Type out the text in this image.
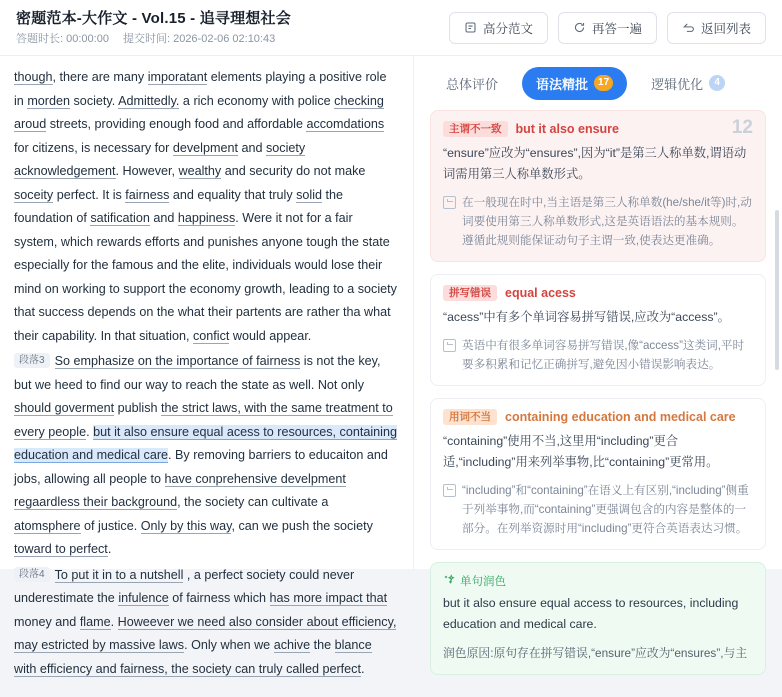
密题范本-大作文 - Vol.15 - 追寻理想社会
答题时长: 00:00:00 提交时间: 2026-02-06 02:10:43
高分范文	再答一遍	返回列表
though, there are many imporatant elements playing a positive role in morden society. Admittedly. a rich economy with police checking aroud streets, providing enough food and affordable accomdations for citizens, is necessary for develpment and society acknowledgement. However, wealthy and security do not make soceity perfect. It is fairness and equality that truly solid the foundation of satification and happiness. Were it not for a fair system, which rewards efforts and punishes anyone tough the state especially for the famous and the elite, individuals would lose their mind on working to support the economy growth, leading to a society that success depends on the what their partents are rather tha what their capability. In that situation, confict would appear.
段落3 So emphasize on the importance of fairness is not the key, but we heed to find our way to reach the state as well. Not only should goverment publish the strict laws, with the same treatment to every people. but it also ensure equal acess to resources, containing education and medical care. By removing barriers to educaiton and jobs, allowing all people to have conprehensive develpment regaardless their background, the society can cultivate a atomsphere of justice. Only by this way, can we push the society toward to perfect.
段落4 To put it in to a nutshell , a perfect society could never underestimate the infulence of fairness which has more impact that money and flame. Howeever we need also consider about efficiency, may estricted by massive laws. Only when we achive the blance with efficiency and fairness, the society can truly called perfect.
总体评价	语法精批	17	逻辑优化	4
主谓不一致	but it also ensure	12
“ensure”应改为“ensures”,因为“it”是第三人称单数,谓语动词需用第三人称单数形式。
在一般现在时中,当主语是第三人称单数(he/she/it等)时,动词要使用第三人称单数形式,这是英语语法的基本规则。遵循此规则能保证动句子主谓一致,使表达更准确。
拼写错误	equal acess
“acess”中有多个单词容易拼写错误,应改为“access”。
英语中有很多单词容易拼写错误,像“access”这类词,平时要多积累和记忆正确拼写,避免因小错误影响表达。
用词不当	containing education and medical care
“containing”使用不当,这里用“including”更合适,“including”用来列举事物,比“containing”更常用。
“including”和“containing”在语义上有区别,“including”侧重于列举事物,而“containing”更强调包含的内容是整体的一部分。在列举资源时用“including”更符合英语表达习惯。
单句润色
but it also ensure equal access to resources, including education and medical care.
润色原因:原句存在拼写错误,“ensure”应改为“ensures”,与主
